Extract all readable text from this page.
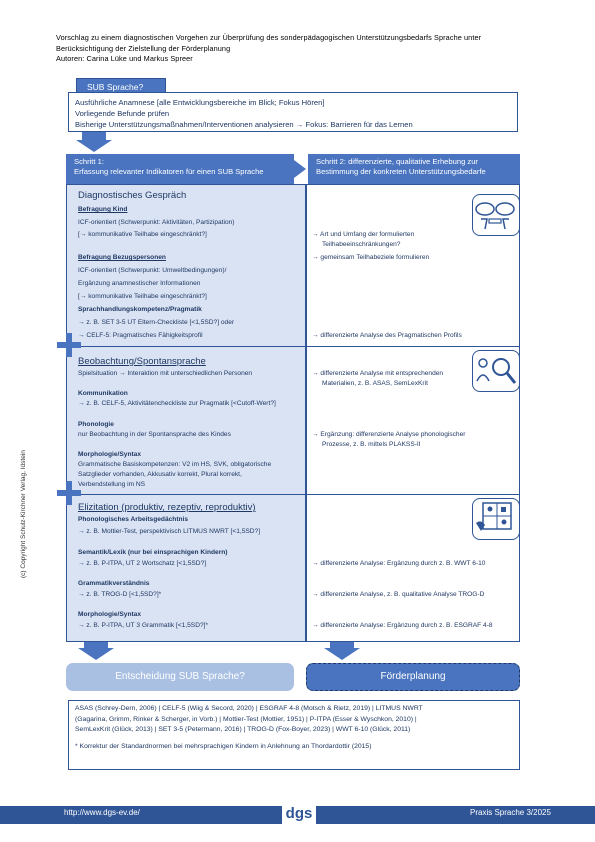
Vorschlag zu einem diagnostischen Vorgehen zur Überprüfung des sonderpädagogischen Unterstützungsbedarfs Sprache unter
Berücksichtigung der Zielstellung der Förderplanung
Autoren: Carina Lüke und Markus Spreer
(c) Copyright Schulz-Kirchner Verlag, Idstein
SUB Sprache?
Ausführliche Anamnese [alle Entwicklungsbereiche im Blick; Fokus Hören]
Vorliegende Befunde prüfen
Bisherige Unterstützungsmaßnahmen/Interventionen analysieren → Fokus: Barrieren für das Lernen
Schritt 1:
Erfassung relevanter Indikatoren für einen SUB Sprache
Schritt 2: differenzierte, qualitative Erhebung zur
Bestimmung der konkreten Unterstützungsbedarfe
Diagnostisches Gespräch
Befragung Kind
ICF-orientiert (Schwerpunkt: Aktivitäten, Partizipation)
[→ kommunikative Teilhabe eingeschränkt?]
Befragung Bezugspersonen
ICF-orientiert (Schwerpunkt: Umweltbedingungen)/
Ergänzung anamnestischer Informationen
[→ kommunikative Teilhabe eingeschränkt?]
Sprachhandlungskompetenz/Pragmatik
→ z. B. SET 3-5 UT Eltern-Checkliste [<1,5SD?] oder
→ CELF-5: Pragmatisches Fähigkeitsprofil
→ Art und Umfang der formulierten
Teilhabeeinschränkungen?
→ gemeinsam Teilhabeziele formulieren
→ differenzierte Analyse des Pragmatischen Profils
Beobachtung/Spontansprache
Spielsituation → Interaktion mit unterschiedlichen Personen
Kommunikation
→ z. B. CELF-5, Aktivitätencheckliste zur Pragmatik [<Cutoff-Wert?]
Phonologie
nur Beobachtung in der Spontansprache des Kindes
Morphologie/Syntax
Grammatische Basiskompetenzen: V2 im HS, SVK, obligatorische
Satzglieder vorhanden, Akkusativ korrekt, Plural korrekt,
Verbendstellung im NS
→ differenzierte Analyse mit entsprechenden
Materialien, z. B. ASAS, SemLexKrit
→ Ergänzung: differenzierte Analyse phonologischer
Prozesse, z. B. mittels PLAKSS-II
Elizitation (produktiv, rezeptiv, reproduktiv)
Phonologisches Arbeitsgedächtnis
→ z. B. Mottier-Test, perspektivisch LITMUS NWRT [<1,5SD?]
Semantik/Lexik (nur bei einsprachigen Kindern)
→ z. B. P-ITPA, UT 2 Wortschatz [<1,5SD?]
Grammatikverständnis
→ z. B. TROG-D [<1,5SD?]*
Morphologie/Syntax
→ z. B. P-ITPA, UT 3 Grammatik [<1,5SD?]*
→ differenzierte Analyse: Ergänzung durch z. B. WWT 6-10
→ differenzierte Analyse, z. B. qualitative Analyse TROG-D
→ differenzierte Analyse: Ergänzung durch z. B. ESGRAF 4-8
Entscheidung SUB Sprache?	Förderplanung
ASAS (Schrey-Dern, 2006) | CELF-5 (Wiig & Secord, 2020) | ESGRAF 4-8 (Motsch & Rietz, 2019) | LITMUS NWRT
(Gagarina, Grimm, Rinker & Scherger, in Vorb.) | Mottier-Test (Mottier, 1951) | P-ITPA (Esser & Wyschkon, 2010) |
SemLexKrit (Glück, 2013) | SET 3-5 (Petermann, 2016) | TROG-D (Fox-Boyer, 2023) | WWT 6-10 (Glück, 2011)
* Korrektur der Standardnormen bei mehrsprachigen Kindern in Anlehnung an Thordardottir (2015)
http://www.dgs-ev.de/	dgs	Praxis Sprache 3/2025
